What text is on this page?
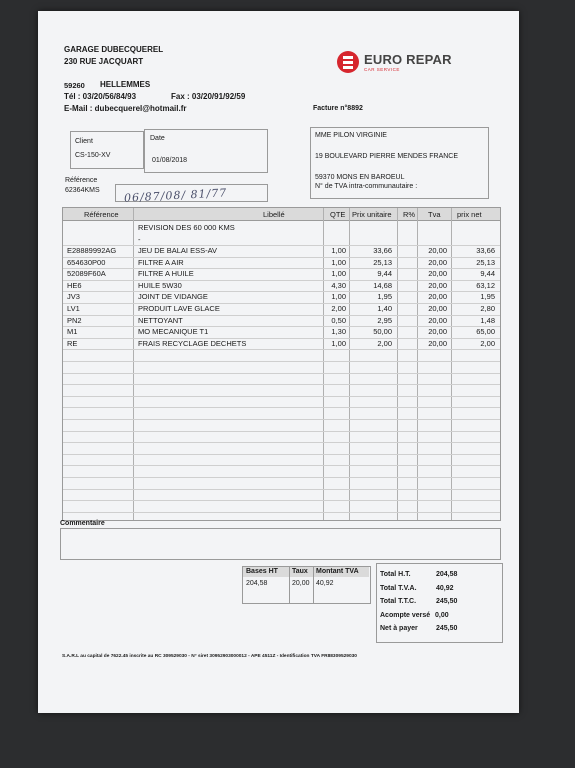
GARAGE DUBECQUEREL
230 RUE JACQUART
59260 HELLEMMES
Tél : 03/20/56/84/93	Fax : 03/20/91/92/59
E-Mail : dubecquerel@hotmail.fr
EURO REPAR
CAR SERVICE
Facture n°8892
Client
CS-150-XV
Date
01/08/2018
Référence
62364KMS 06/87/08/ 81/77
MME PILON VIRGINIE
19 BOULEVARD PIERRE MENDES FRANCE
59370 MONS EN BAROEUL
N° de TVA intra-communautaire :
Référence	Libellé	QTE Prix unitaire R% Tva prix net
REVISION DES 60 000 KMS
-
E28889992AG	JEU DE BALAI ESS-AV	1,00	33,66	20,00	33,66
654630P00	FILTRE A AIR	1,00	25,13	20,00	25,13
52089F60A	FILTRE A HUILE	1,00	9,44	20,00	9,44
HE6	HUILE 5W30	4,30	14,68	20,00	63,12
JV3	JOINT DE VIDANGE	1,00	1,95	20,00	1,95
LV1	PRODUIT LAVE GLACE	2,00	1,40	20,00	2,80
PN2	NETTOYANT	0,50	2,95	20,00	1,48
M1	MO MECANIQUE T1	1,30	50,00	20,00	65,00
RE	FRAIS RECYCLAGE DECHETS	1,00	2,00	20,00	2,00
Commentaire
Bases HT Taux Montant TVA
204,58	20,00 40,92
Total H.T.	204,58
Total T.V.A.	40,92
Total T.T.C.	245,50
Acompte versé 0,00
Net à payer	245,50
S.A.R.L au capital de 7622.45 inscrite au RC 309529030 - N° siret 30952903000012 - APE 4511Z - Identification TVA FR88309529030
